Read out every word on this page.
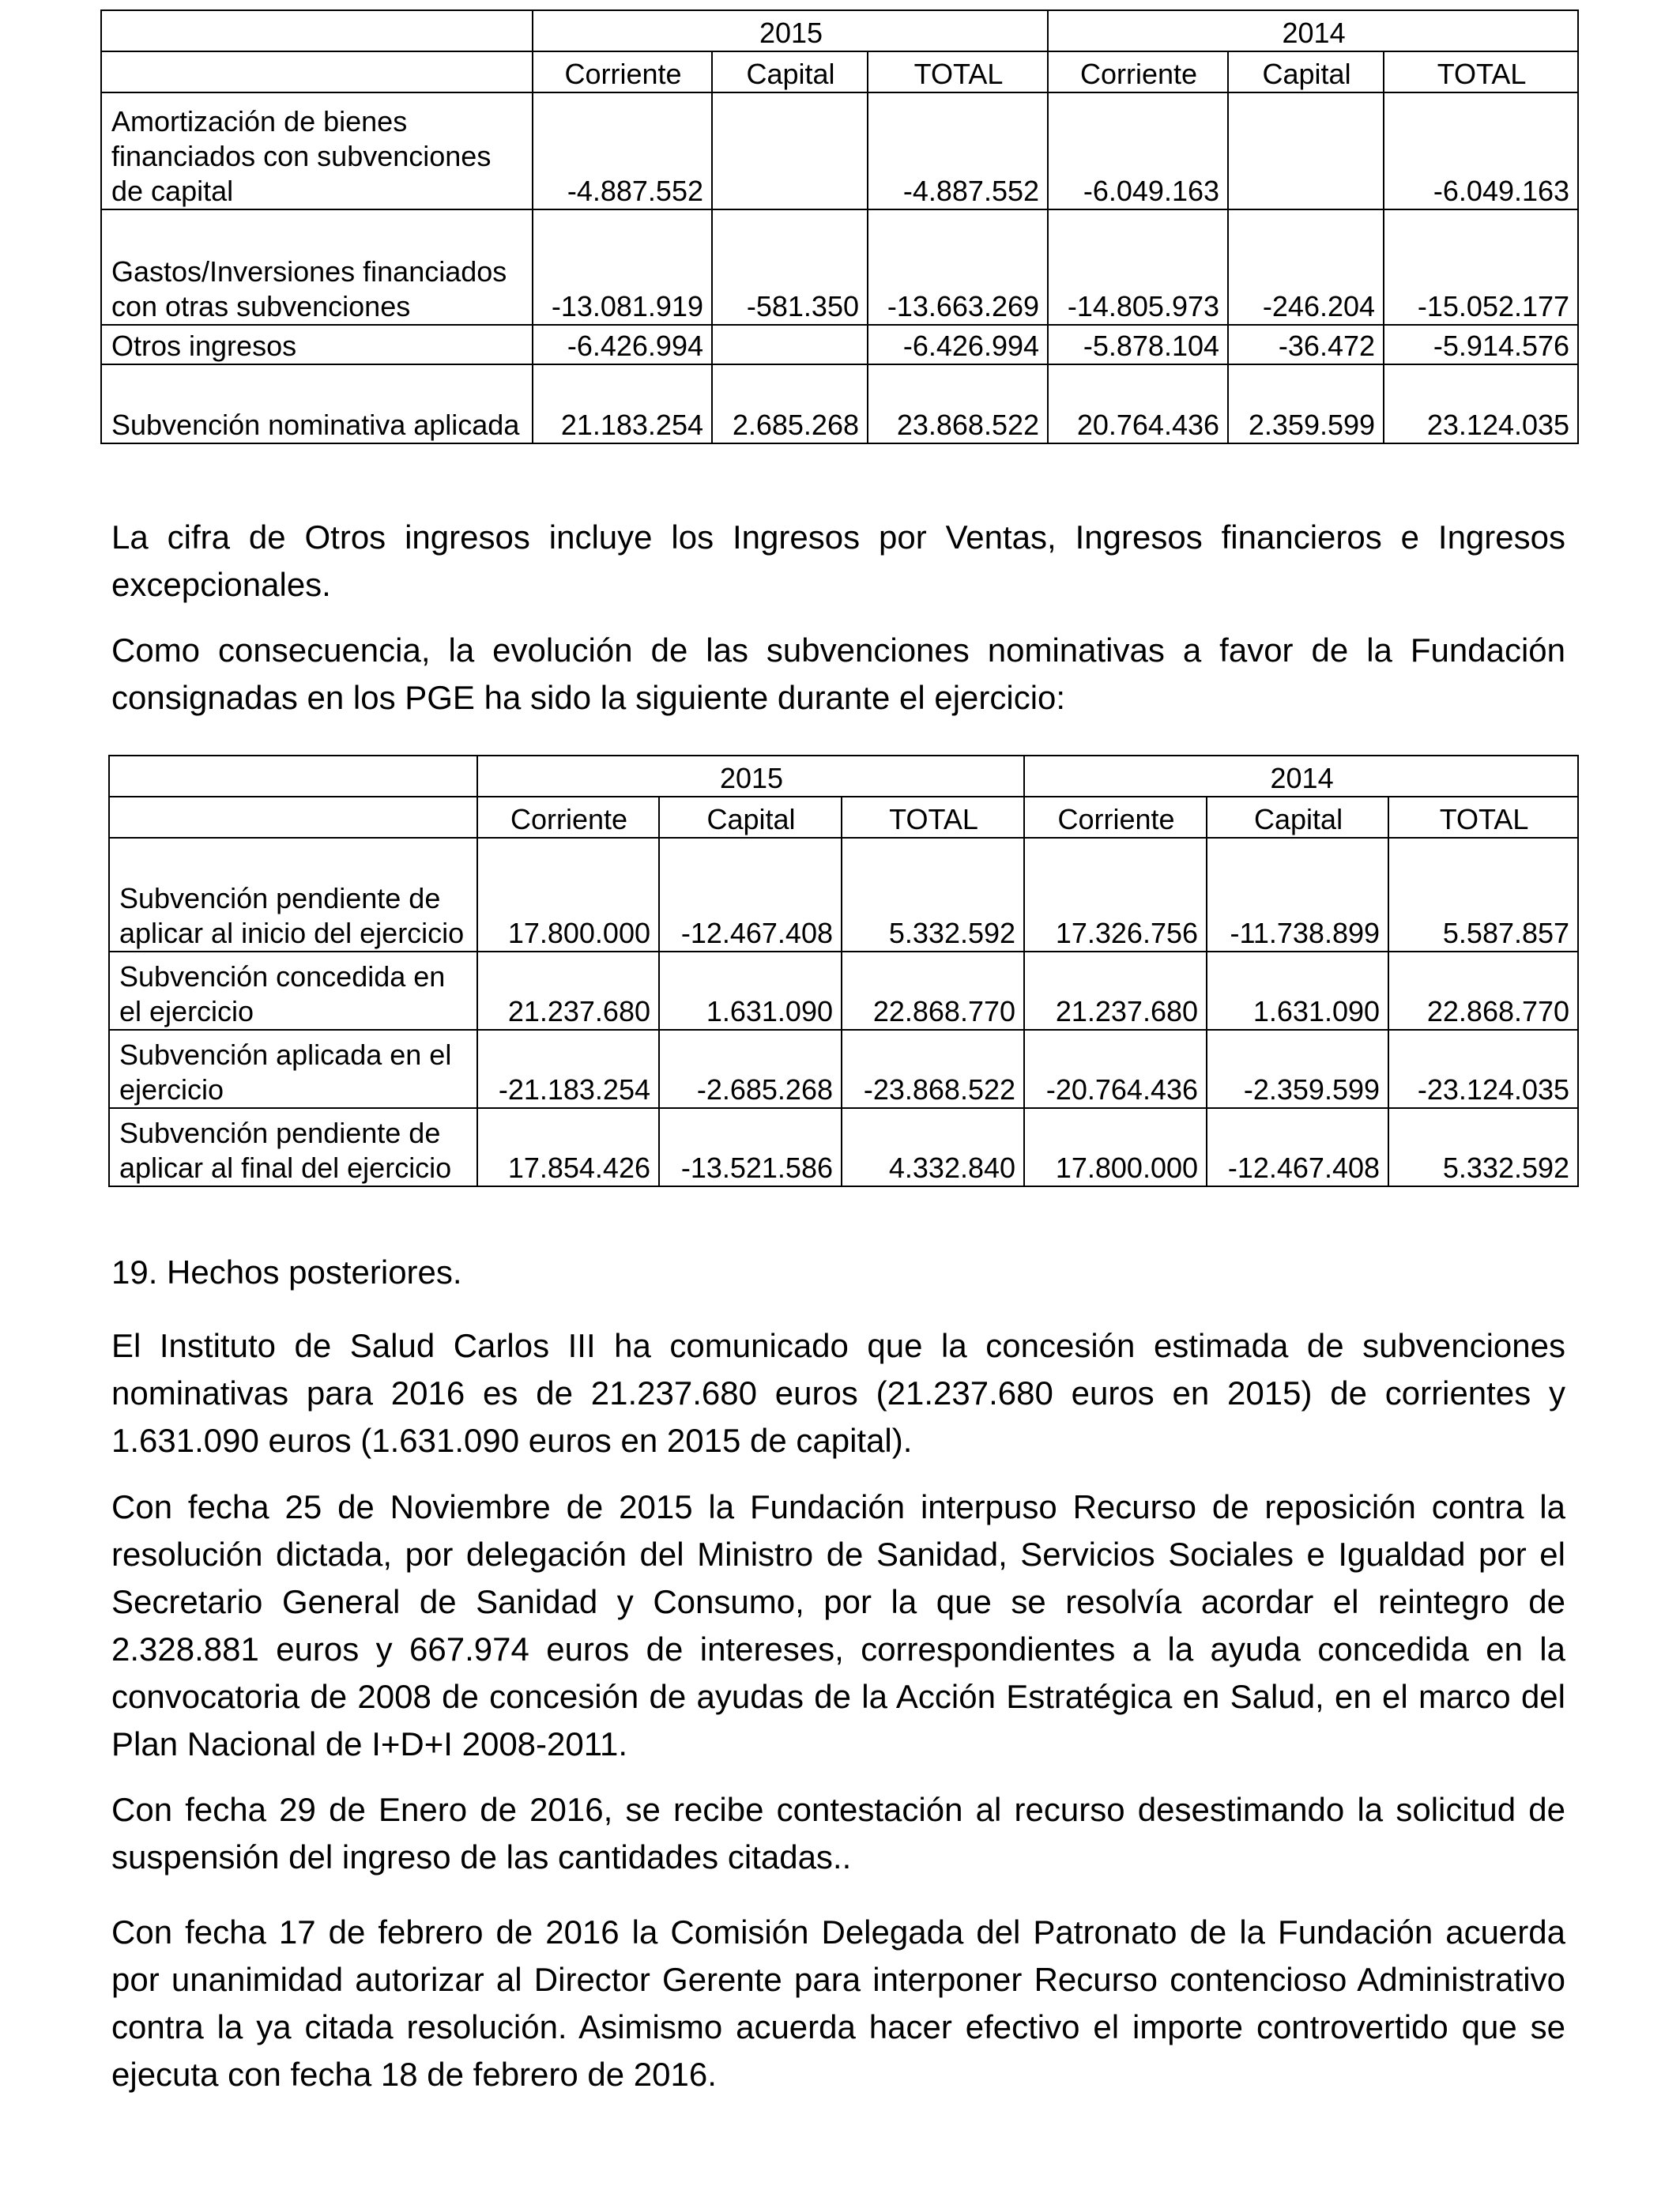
	2015			2014		
	Corriente	Capital	TOTAL	Corriente	Capital	TOTAL
Amortización de bienes financiados con subvenciones de capital	-4.887.552		-4.887.552	-6.049.163		-6.049.163
Gastos/Inversiones financiados con otras subvenciones	-13.081.919	-581.350	-13.663.269	-14.805.973	-246.204	-15.052.177
Otros ingresos	-6.426.994		-6.426.994	-5.878.104	-36.472	-5.914.576
Subvención nominativa aplicada	21.183.254	2.685.268	23.868.522	20.764.436	2.359.599	23.124.035

La cifra de Otros ingresos incluye los Ingresos por Ventas, Ingresos financieros e Ingresos excepcionales.

Como consecuencia, la evolución de las subvenciones nominativas a favor de la Fundación consignadas en los PGE ha sido la siguiente durante el ejercicio:

	2015			2014		
	Corriente	Capital	TOTAL	Corriente	Capital	TOTAL
Subvención pendiente de aplicar al inicio del ejercicio	17.800.000	-12.467.408	5.332.592	17.326.756	-11.738.899	5.587.857
Subvención concedida en el ejercicio	21.237.680	1.631.090	22.868.770	21.237.680	1.631.090	22.868.770
Subvención aplicada en el ejercicio	-21.183.254	-2.685.268	-23.868.522	-20.764.436	-2.359.599	-23.124.035
Subvención pendiente de aplicar al final del ejercicio	17.854.426	-13.521.586	4.332.840	17.800.000	-12.467.408	5.332.592

19. Hechos posteriores.

El Instituto de Salud Carlos III ha comunicado que la concesión estimada de subvenciones nominativas para 2016 es de 21.237.680 euros (21.237.680 euros en 2015) de corrientes y 1.631.090 euros (1.631.090 euros en 2015 de capital).

Con fecha 25 de Noviembre de 2015 la Fundación interpuso Recurso de reposición contra la resolución dictada, por delegación del Ministro de Sanidad, Servicios Sociales e Igualdad por el Secretario General de Sanidad y Consumo, por la que se resolvía acordar el reintegro de 2.328.881 euros y 667.974 euros de intereses, correspondientes a la ayuda concedida en la convocatoria de 2008 de concesión de ayudas de la Acción Estratégica en Salud, en el marco del Plan Nacional de I+D+I 2008-2011.

Con fecha 29 de Enero de 2016, se recibe contestación al recurso desestimando la solicitud de suspensión del ingreso de las cantidades citadas..

Con fecha 17 de febrero de 2016 la Comisión Delegada del Patronato de la Fundación acuerda por unanimidad autorizar al Director Gerente para interponer Recurso contencioso Administrativo contra la ya citada resolución. Asimismo acuerda hacer efectivo el importe controvertido que se ejecuta con fecha 18 de febrero de 2016.
